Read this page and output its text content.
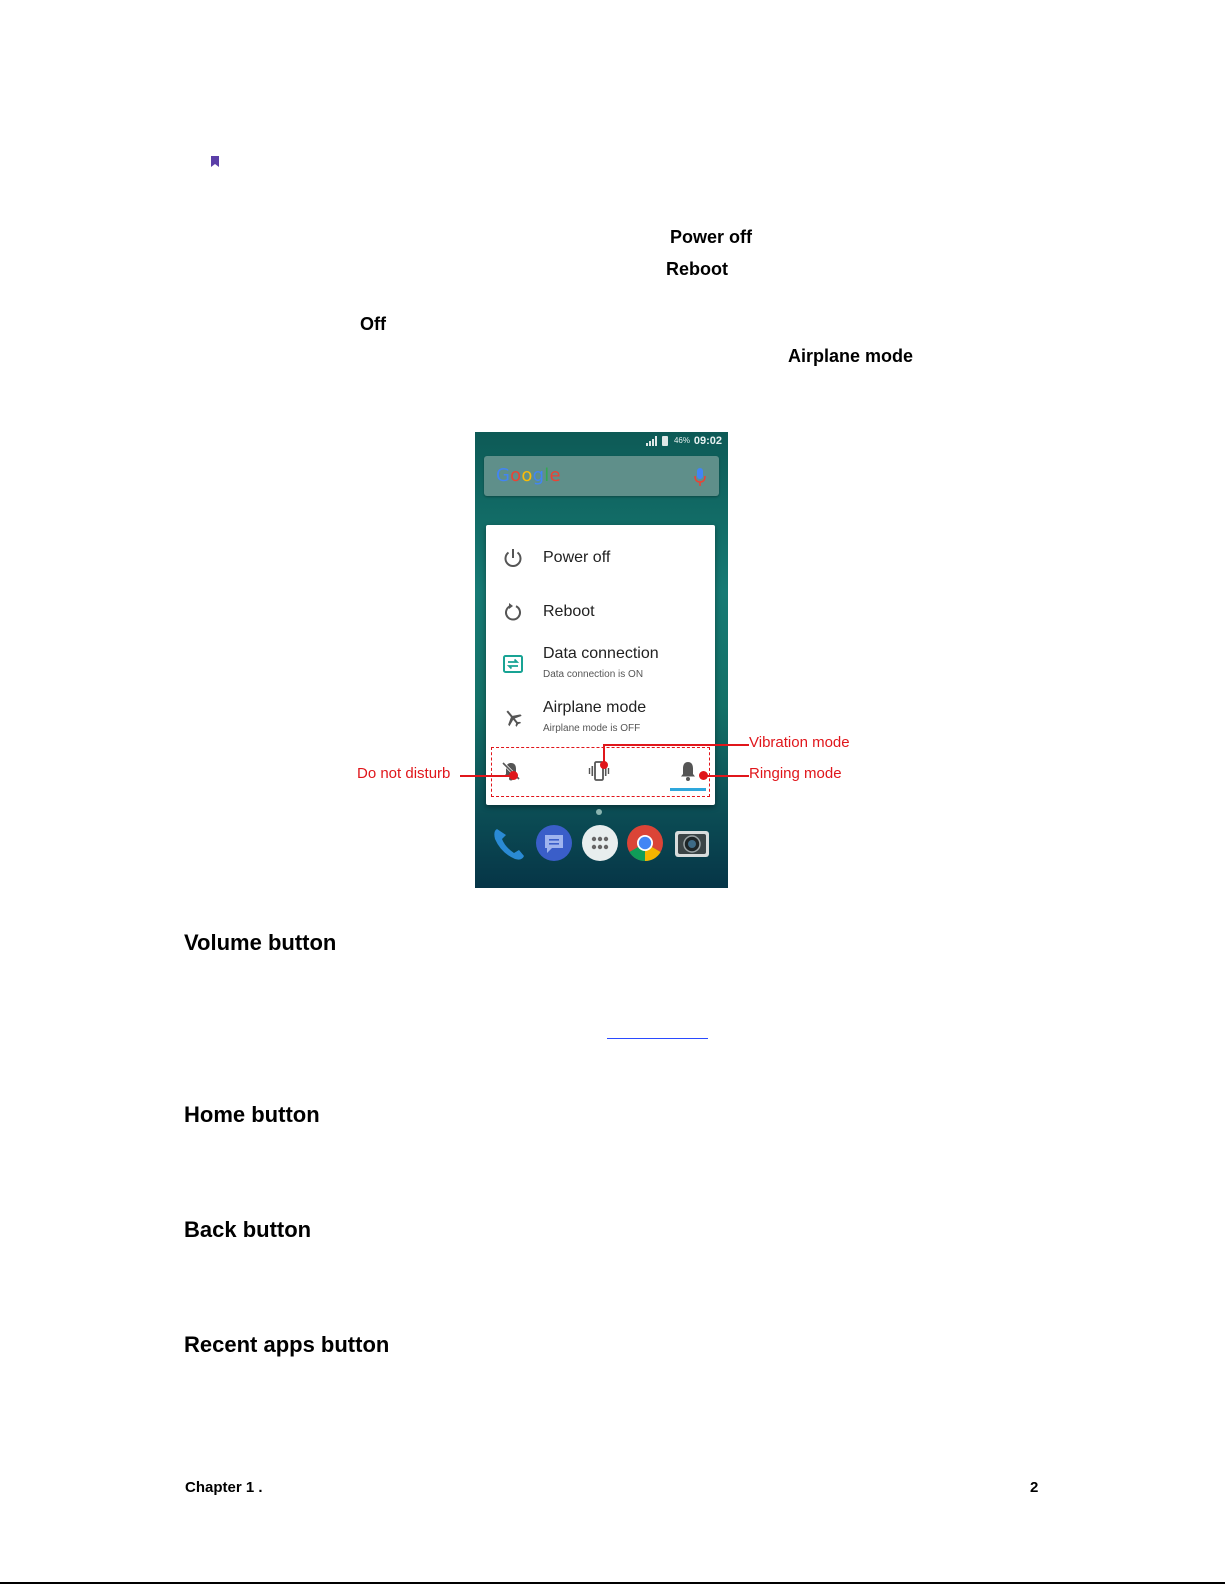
Power off
Reboot
Off
Airplane mode
46% 09:02
Google
Power off
Reboot
Data connection
Data connection is ON
Airplane mode
Airplane mode is OFF
Do not disturb
Vibration mode
Ringing mode
Volume button
Home button
Back button
Recent apps button
Chapter 1 .	2
